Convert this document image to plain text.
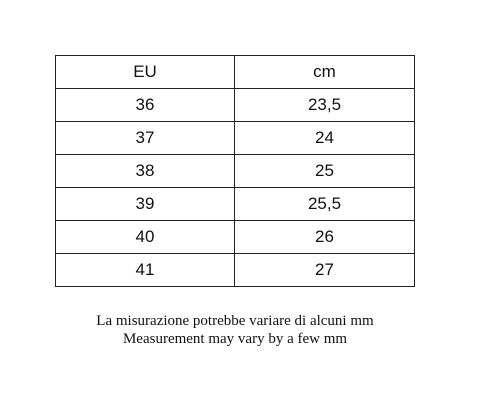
EU	cm
36	23,5
37	24
38	25
39	25,5
40	26
41	27
La misurazione potrebbe variare di alcuni mm
Measurement may vary by a few mm
